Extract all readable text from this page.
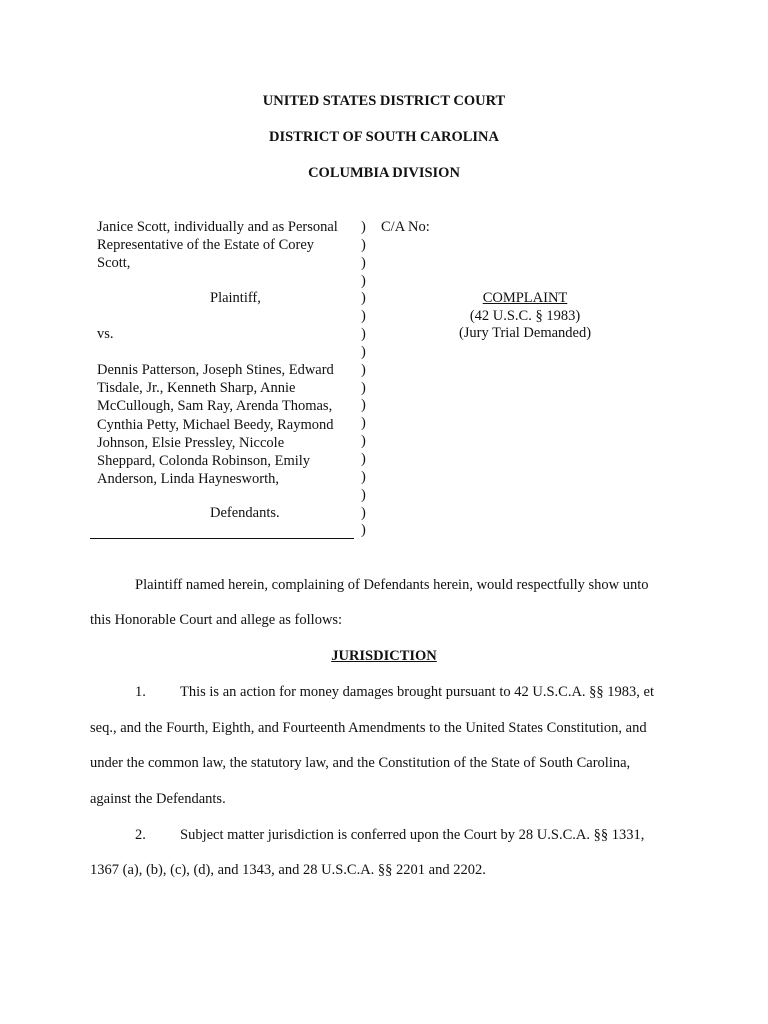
UNITED STATES DISTRICT COURT
DISTRICT OF SOUTH CAROLINA
COLUMBIA DIVISION
Janice Scott, individually and as Personal
Representative of the Estate of Corey
Scott,
Plaintiff,
vs.
Dennis Patterson, Joseph Stines, Edward
Tisdale, Jr., Kenneth Sharp, Annie
McCullough, Sam Ray, Arenda Thomas,
Cynthia Petty, Michael Beedy, Raymond
Johnson, Elsie Pressley, Niccole
Sheppard, Colonda Robinson, Emily
Anderson, Linda Haynesworth,
Defendants.
)
)
)
)
)
)
)
)
)
)
)
)
)
)
)
)
)
)
C/A No:
COMPLAINT
(42 U.S.C. § 1983)
(Jury Trial Demanded)
Plaintiff named herein, complaining of Defendants herein, would respectfully show unto
this Honorable Court and allege as follows:
JURISDICTION
1. This is an action for money damages brought pursuant to 42 U.S.C.A. §§ 1983, et
seq., and the Fourth, Eighth, and Fourteenth Amendments to the United States Constitution, and
under the common law, the statutory law, and the Constitution of the State of South Carolina,
against the Defendants.
2. Subject matter jurisdiction is conferred upon the Court by 28 U.S.C.A. §§ 1331,
1367 (a), (b), (c), (d), and 1343, and 28 U.S.C.A. §§ 2201 and 2202.
